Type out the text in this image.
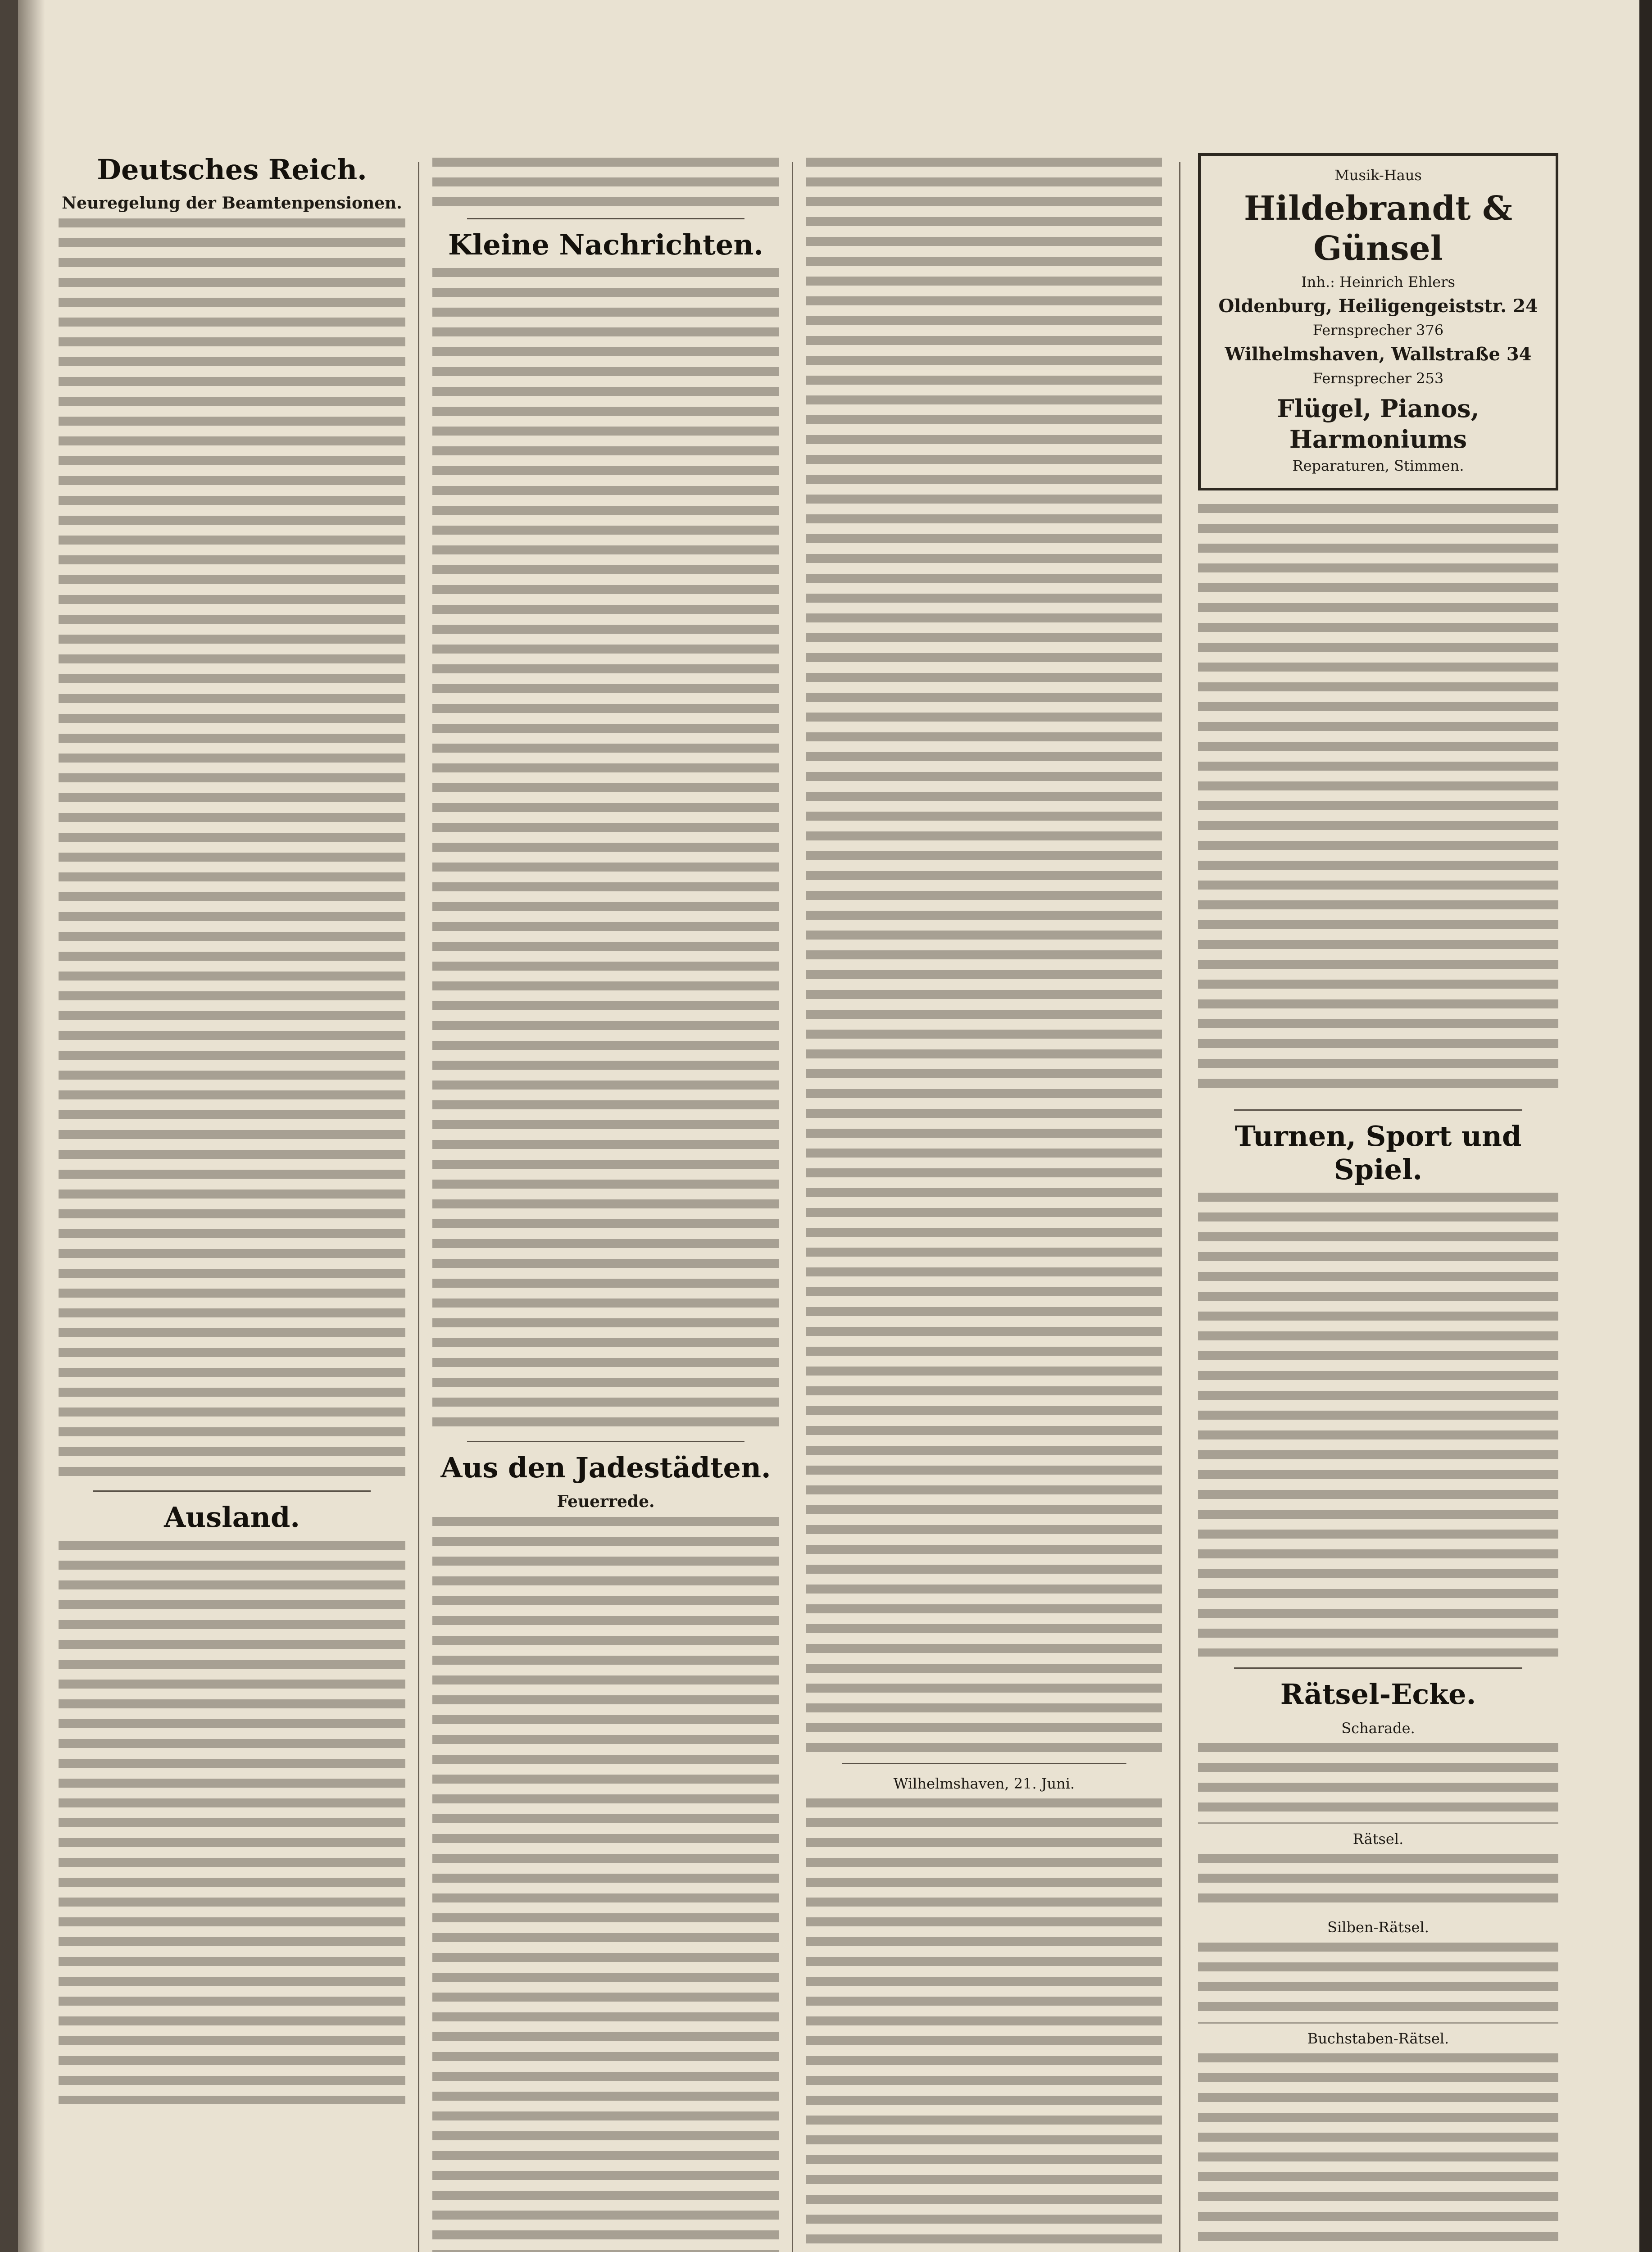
Deutsches Reich.
Neuregelung der Beamtenpensionen.
Ausland.
Kleine Nachrichten.
Aus den Jadestädten.
Feuerrede.
Wilhelmshaven, 21. Juni.

Musik-Haus

Hildebrandt & Günsel

Inh.: Heinrich Ehlers

Oldenburg, Heiligengeiststr. 24

Fernsprecher 376

Wilhelmshaven, Wallstraße 34

Fernsprecher 253

Flügel, Pianos, Harmoniums

Reparaturen, Stimmen.

Turnen, Sport und Spiel.
Rätsel-Ecke.
Scharade.
Rätsel.
Silben-Rätsel.
Buchstaben-Rätsel.
